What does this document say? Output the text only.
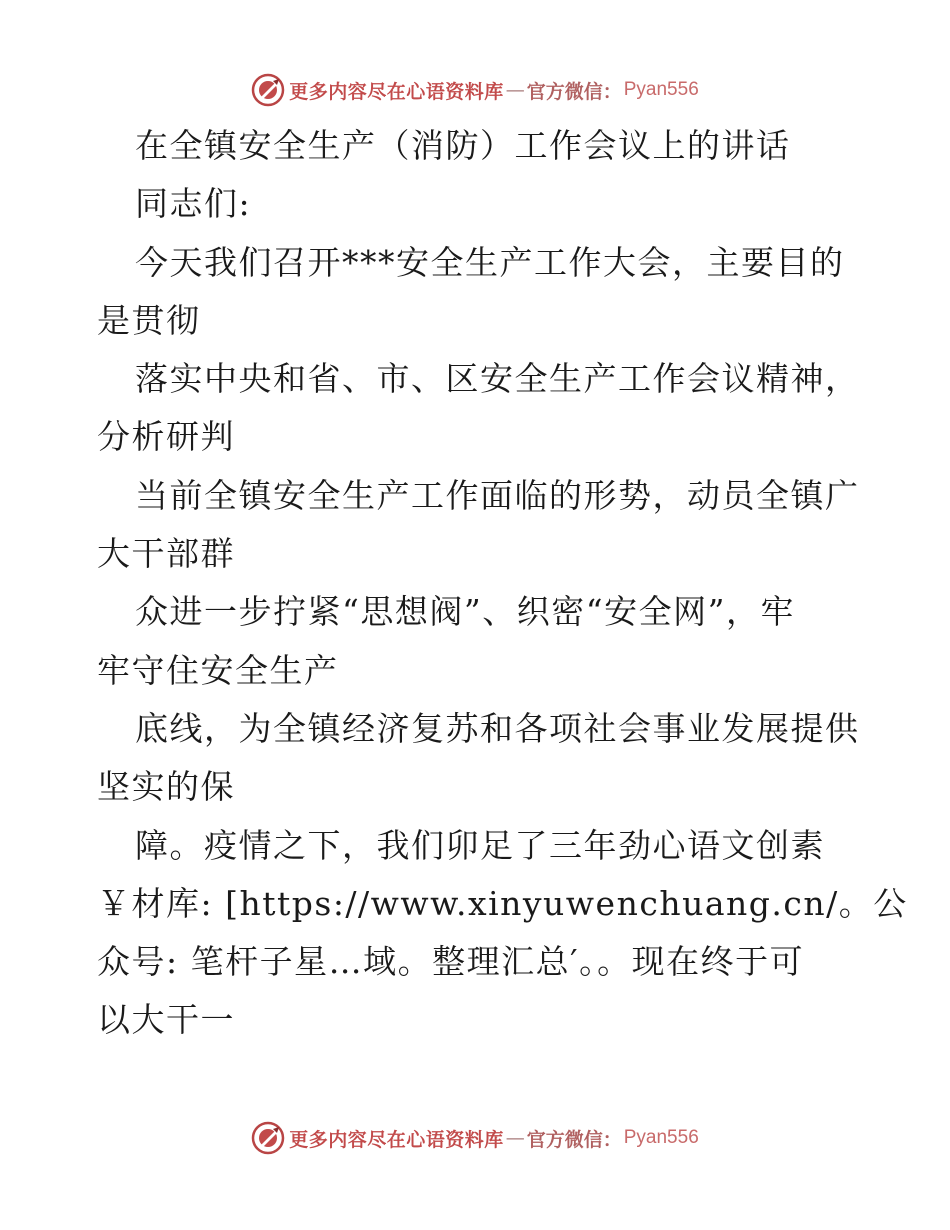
更多内容尽在心语资料库 — 官方微信： Pyan556
在全镇安全生产（消防）工作会议上的讲话
同志们:
今天我们召开***安全生产工作大会，主要目的
是贯彻
落实中央和省、市、区安全生产工作会议精神，
分析研判
当前全镇安全生产工作面临的形势，动员全镇广
大干部群
众进一步拧紧“思想阀”、织密“安全网”，牢
牢守住安全生产
底线，为全镇经济复苏和各项社会事业发展提供
坚实的保
障。疫情之下，我们卯足了三年劲心语文创素
￥材库: [https://www.xinyuwenchuang.cn/。公
众号: 笔杆子星…域。整理汇总′。。现在终于可
以大干一
更多内容尽在心语资料库 — 官方微信： Pyan556
